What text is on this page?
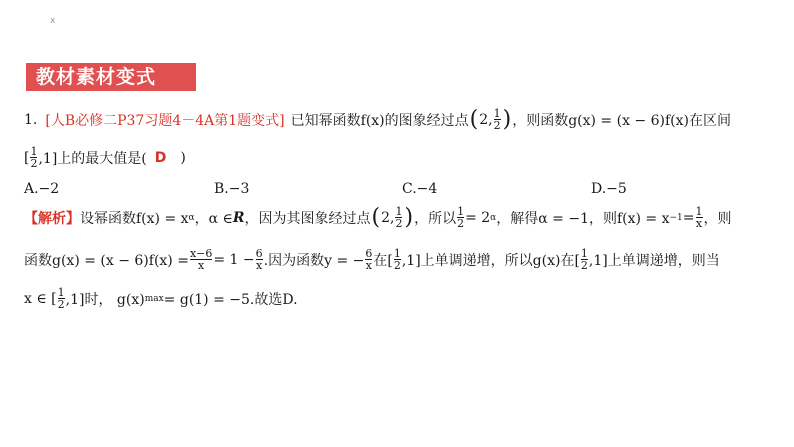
x
教材素材变式
1. [人B必修二P37习题4－4A第1题变式] 已知幂函数f(x)的图象经过点 ( 2, $\frac{1}{2}$ ) ，则函数g(x) = (x − 6)f(x)在区间
[ $\frac{1}{2} ,1$]上的最大值是( D )
A.−2	B.−3	C.−4	D.−5
【解析】 设幂函数f(x) = x α ，α ∈ R ，因为其图象经过点 ( 2, $\frac{1}{2}$ ) ，所以 $\frac{1}{2} = 2$ α ，解得α = −1，则$f(x) = x -1 = \frac{1}{x}$ ，则
函数$g(x) = (x - 6)f(x) = \frac{x-6}{x} = 1 - \frac{6}{x}$ .因为函数y = − $\frac{6}{x}$ 在[ $\frac{1}{2} ,1$]上单调递增，所以g(x)在[ $\frac{1}{2} ,1$]上单调递增，则当
x ∈ [ $\frac{1}{2} ,1$]时， g(x) max = g(1) = −5.故选D.
